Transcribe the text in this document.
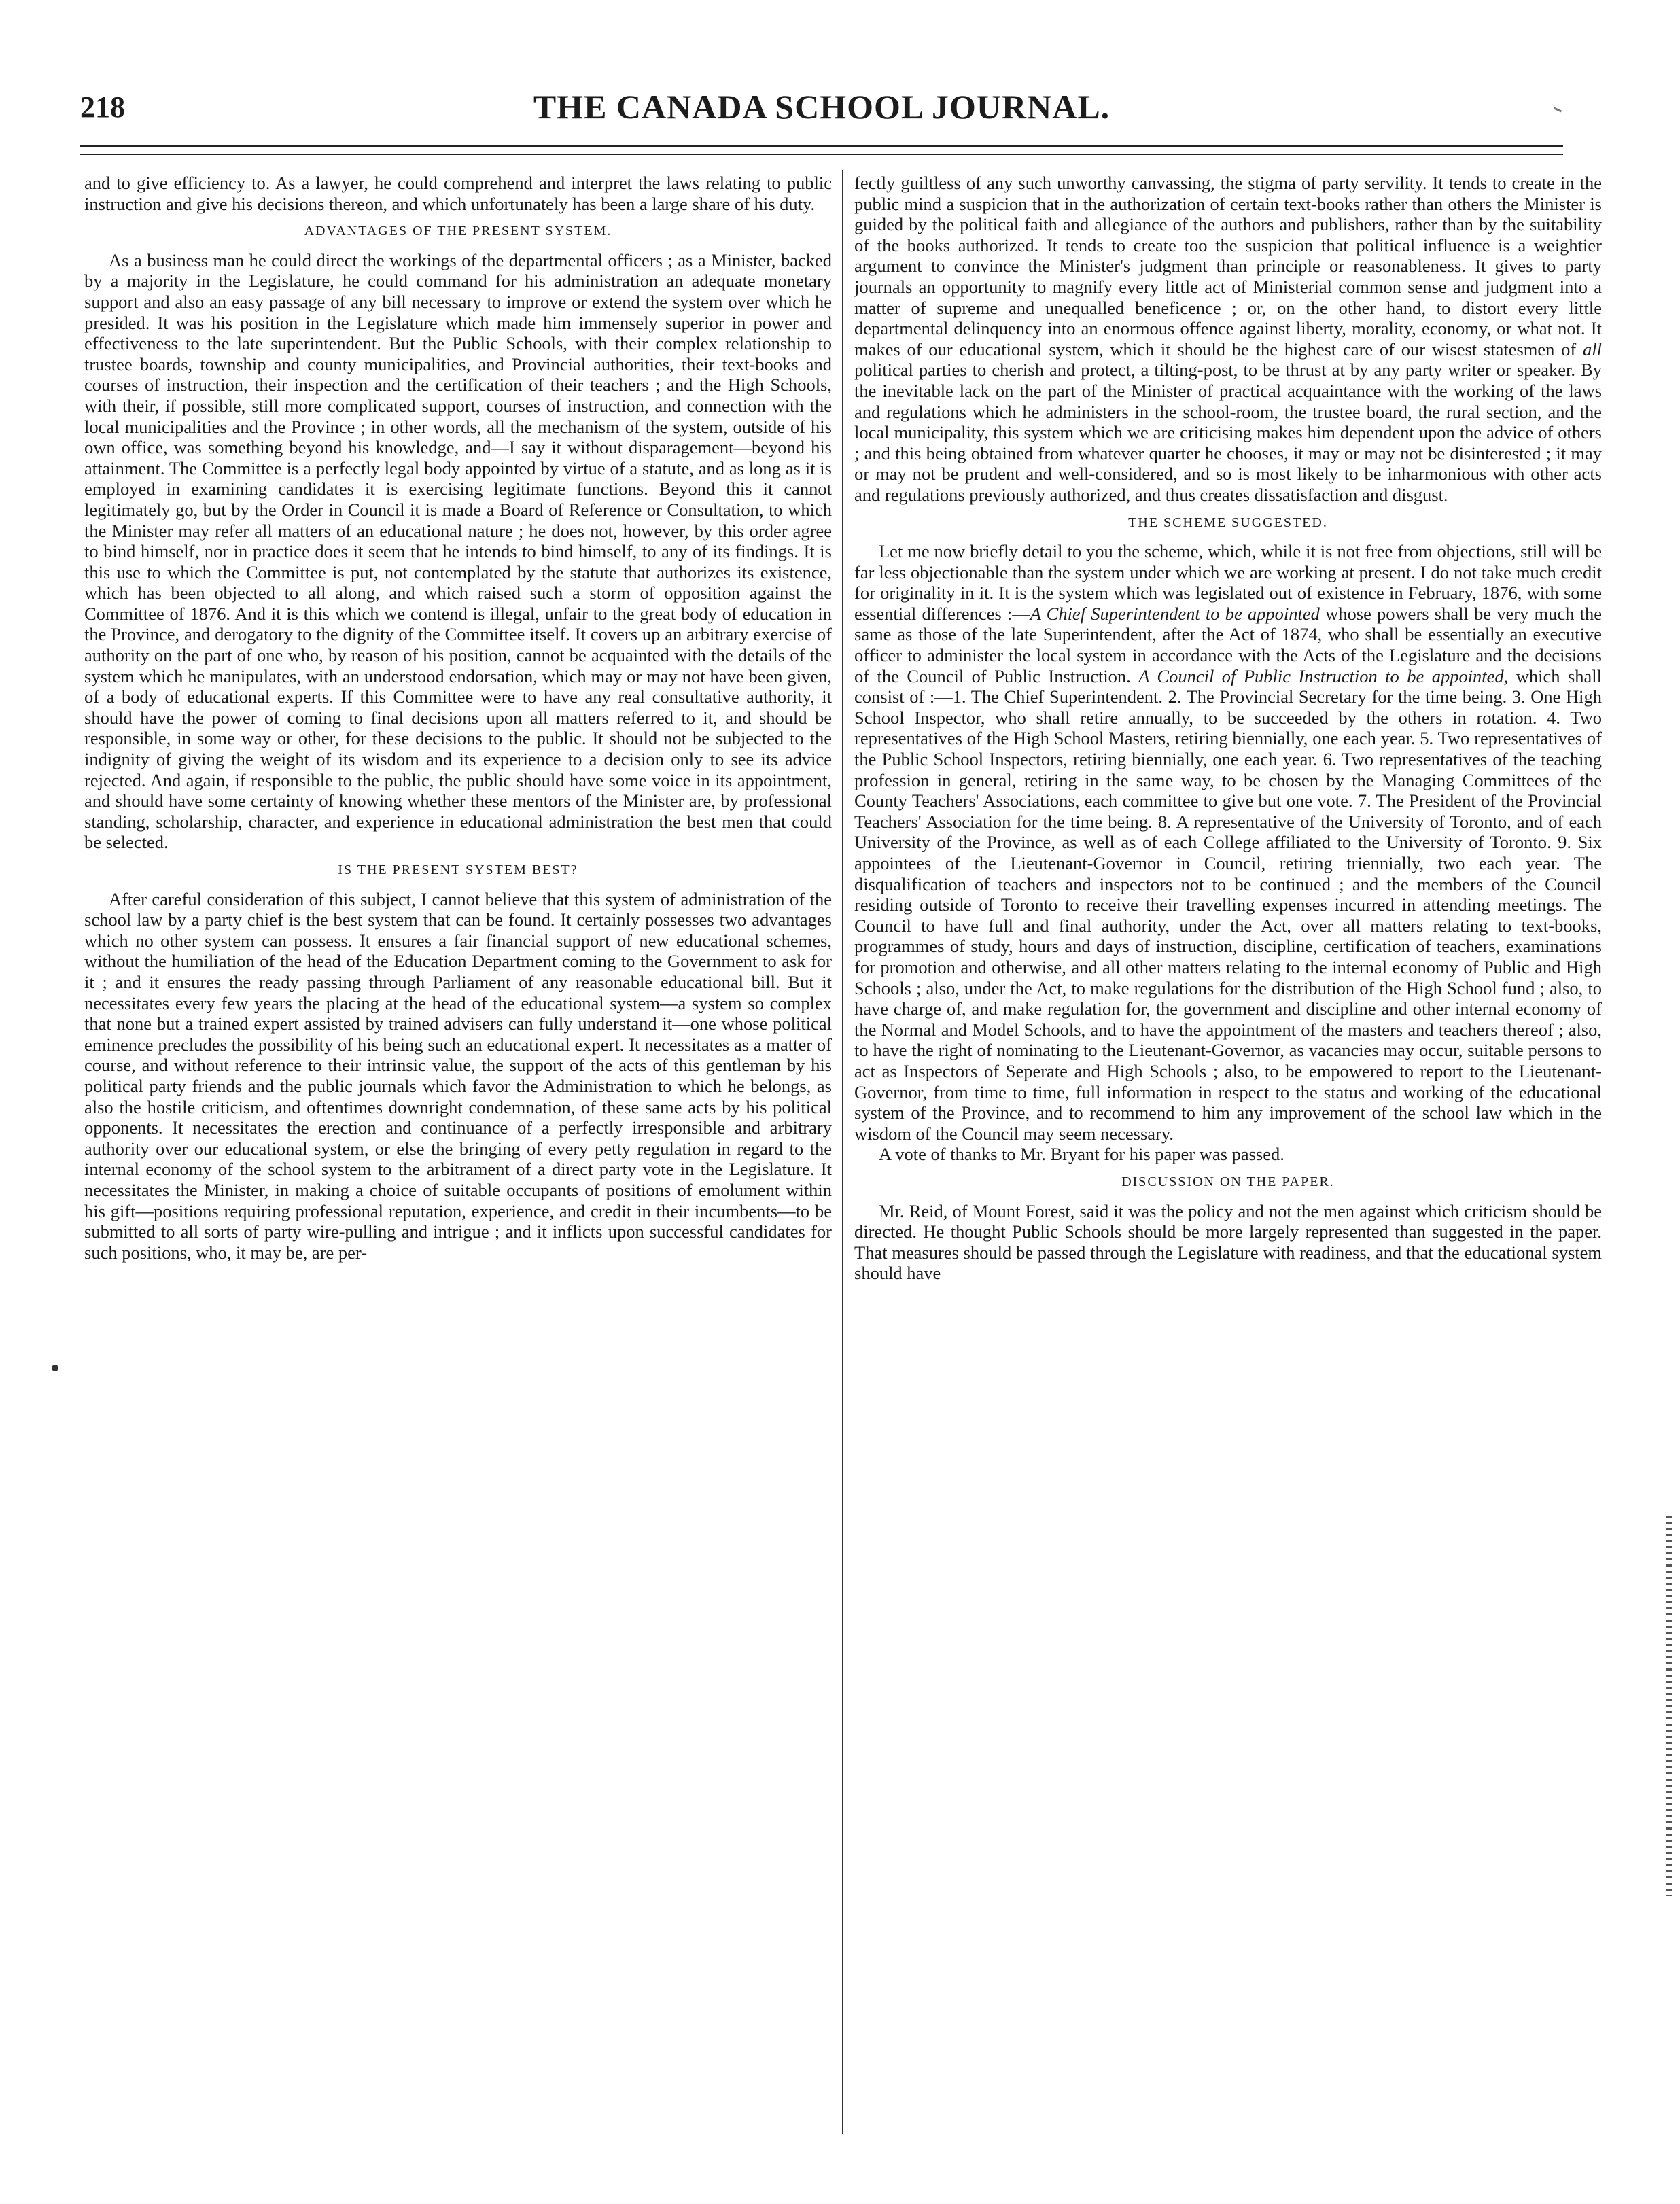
218	THE CANADA SCHOOL JOURNAL.

and to give efficiency to. As a lawyer, he could comprehend and interpret the laws relating to public instruction and give his decisions thereon, and which unfortunately has been a large share of his duty.

ADVANTAGES OF THE PRESENT SYSTEM.

As a business man he could direct the workings of the departmental officers ; as a Minister, backed by a majority in the Legislature, he could command for his administration an adequate monetary support and also an easy passage of any bill necessary to improve or extend the system over which he presided. It was his position in the Legislature which made him immensely superior in power and effectiveness to the late superintendent. But the Public Schools, with their complex relationship to trustee boards, township and county municipalities, and Provincial authorities, their text-books and courses of instruction, their inspection and the certification of their teachers ; and the High Schools, with their, if possible, still more complicated support, courses of instruction, and connection with the local municipalities and the Province ; in other words, all the mechanism of the system, outside of his own office, was something beyond his knowledge, and—I say it without disparagement—beyond his attainment. The Committee is a perfectly legal body appointed by virtue of a statute, and as long as it is employed in examining candidates it is exercising legitimate functions. Beyond this it cannot legitimately go, but by the Order in Council it is made a Board of Reference or Consultation, to which the Minister may refer all matters of an educational nature ; he does not, however, by this order agree to bind himself, nor in practice does it seem that he intends to bind himself, to any of its findings. It is this use to which the Committee is put, not contemplated by the statute that authorizes its existence, which has been objected to all along, and which raised such a storm of opposition against the Committee of 1876. And it is this which we contend is illegal, unfair to the great body of education in the Province, and derogatory to the dignity of the Committee itself. It covers up an arbitrary exercise of authority on the part of one who, by reason of his position, cannot be acquainted with the details of the system which he manipulates, with an understood endorsation, which may or may not have been given, of a body of educational experts. If this Committee were to have any real consultative authority, it should have the power of coming to final decisions upon all matters referred to it, and should be responsible, in some way or other, for these decisions to the public. It should not be subjected to the indignity of giving the weight of its wisdom and its experience to a decision only to see its advice rejected. And again, if responsible to the public, the public should have some voice in its appointment, and should have some certainty of knowing whether these mentors of the Minister are, by professional standing, scholarship, character, and experience in educational administration the best men that could be selected.

IS THE PRESENT SYSTEM BEST?

After careful consideration of this subject, I cannot believe that this system of administration of the school law by a party chief is the best system that can be found. It certainly possesses two advantages which no other system can possess. It ensures a fair financial support of new educational schemes, without the humiliation of the head of the Education Department coming to the Government to ask for it ; and it ensures the ready passing through Parliament of any reasonable educational bill. But it necessitates every few years the placing at the head of the educational system—a system so complex that none but a trained expert assisted by trained advisers can fully understand it—one whose political eminence precludes the possibility of his being such an educational expert. It necessitates as a matter of course, and without reference to their intrinsic value, the support of the acts of this gentleman by his political party friends and the public journals which favor the Administration to which he belongs, as also the hostile criticism, and oftentimes downright condemnation, of these same acts by his political opponents. It necessitates the erection and continuance of a perfectly irresponsible and arbitrary authority over our educational system, or else the bringing of every petty regulation in regard to the internal economy of the school system to the arbitrament of a direct party vote in the Legislature. It necessitates the Minister, in making a choice of suitable occupants of positions of emolument within his gift—positions requiring professional reputation, experience, and credit in their incumbents—to be submitted to all sorts of party wire-pulling and intrigue ; and it inflicts upon successful candidates for such positions, who, it may be, are per-

fectly guiltless of any such unworthy canvassing, the stigma of party servility. It tends to create in the public mind a suspicion that in the authorization of certain text-books rather than others the Minister is guided by the political faith and allegiance of the authors and publishers, rather than by the suitability of the books authorized. It tends to create too the suspicion that political influence is a weightier argument to convince the Minister's judgment than principle or reasonableness. It gives to party journals an opportunity to magnify every little act of Ministerial common sense and judgment into a matter of supreme and unequalled beneficence ; or, on the other hand, to distort every little departmental delinquency into an enormous offence against liberty, morality, economy, or what not. It makes of our educational system, which it should be the highest care of our wisest statesmen of all political parties to cherish and protect, a tilting-post, to be thrust at by any party writer or speaker. By the inevitable lack on the part of the Minister of practical acquaintance with the working of the laws and regulations which he administers in the school-room, the trustee board, the rural section, and the local municipality, this system which we are criticising makes him dependent upon the advice of others ; and this being obtained from whatever quarter he chooses, it may or may not be disinterested ; it may or may not be prudent and well-considered, and so is most likely to be inharmonious with other acts and regulations previously authorized, and thus creates dissatisfaction and disgust.

THE SCHEME SUGGESTED.

Let me now briefly detail to you the scheme, which, while it is not free from objections, still will be far less objectionable than the system under which we are working at present. I do not take much credit for originality in it. It is the system which was legislated out of existence in February, 1876, with some essential differences :—A Chief Superintendent to be appointed whose powers shall be very much the same as those of the late Superintendent, after the Act of 1874, who shall be essentially an executive officer to administer the local system in accordance with the Acts of the Legislature and the decisions of the Council of Public Instruction. A Council of Public Instruction to be appointed, which shall consist of :—1. The Chief Superintendent. 2. The Provincial Secretary for the time being. 3. One High School Inspector, who shall retire annually, to be succeeded by the others in rotation. 4. Two representatives of the High School Masters, retiring biennially, one each year. 5. Two representatives of the Public School Inspectors, retiring biennially, one each year. 6. Two representatives of the teaching profession in general, retiring in the same way, to be chosen by the Managing Committees of the County Teachers' Associations, each committee to give but one vote. 7. The President of the Provincial Teachers' Association for the time being. 8. A representative of the University of Toronto, and of each University of the Province, as well as of each College affiliated to the University of Toronto. 9. Six appointees of the Lieutenant-Governor in Council, retiring triennially, two each year. The disqualification of teachers and inspectors not to be continued ; and the members of the Council residing outside of Toronto to receive their travelling expenses incurred in attending meetings. The Council to have full and final authority, under the Act, over all matters relating to text-books, programmes of study, hours and days of instruction, discipline, certification of teachers, examinations for promotion and otherwise, and all other matters relating to the internal economy of Public and High Schools ; also, under the Act, to make regulations for the distribution of the High School fund ; also, to have charge of, and make regulation for, the government and discipline and other internal economy of the Normal and Model Schools, and to have the appointment of the masters and teachers thereof ; also, to have the right of nominating to the Lieutenant-Governor, as vacancies may occur, suitable persons to act as Inspectors of Seperate and High Schools ; also, to be empowered to report to the Lieutenant-Governor, from time to time, full information in respect to the status and working of the educational system of the Province, and to recommend to him any improvement of the school law which in the wisdom of the Council may seem necessary.

A vote of thanks to Mr. Bryant for his paper was passed.

DISCUSSION ON THE PAPER.

Mr. Reid, of Mount Forest, said it was the policy and not the men against which criticism should be directed. He thought Public Schools should be more largely represented than suggested in the paper. That measures should be passed through the Legislature with readiness, and that the educational system should have
